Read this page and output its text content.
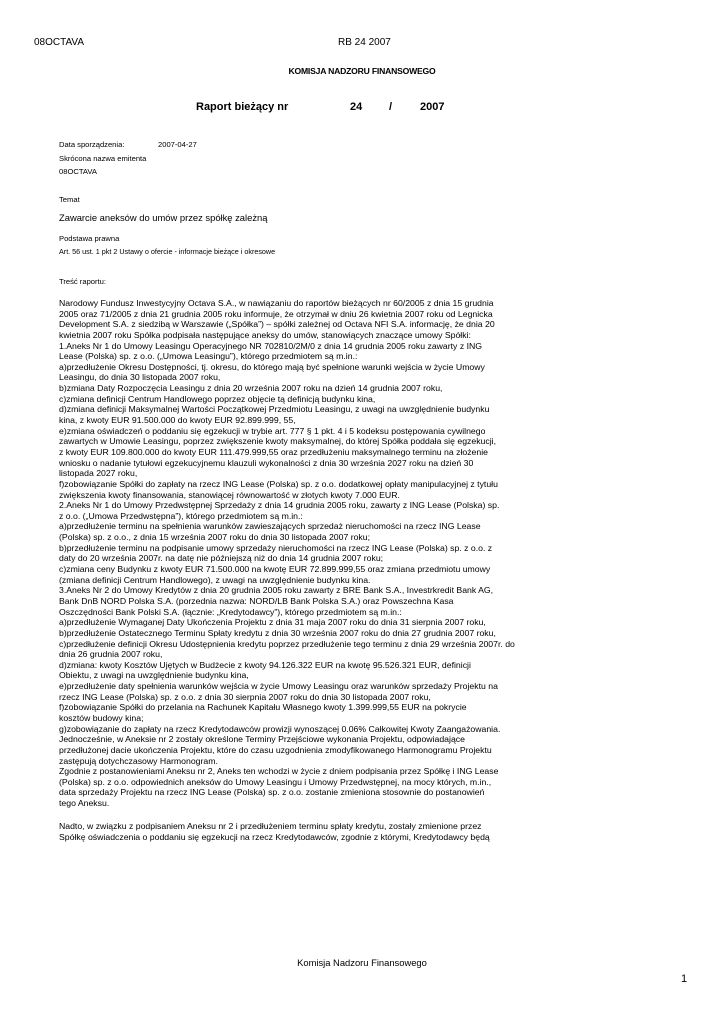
08OCTAVA	RB 24 2007
KOMISJA NADZORU FINANSOWEGO
Raport bieżący nr	24 /	2007
Data sporządzenia:	2007-04-27
Skrócona nazwa emitenta
08OCTAVA
Temat
Zawarcie aneksów do umów przez spółkę zależną
Podstawa prawna
Art. 56 ust. 1 pkt 2 Ustawy o ofercie - informacje bieżące i okresowe
Treść raportu:
Narodowy Fundusz Inwestycyjny Octava S.A., w nawiązaniu do raportów bieżących nr 60/2005 z dnia 15 grudnia
2005 oraz 71/2005 z dnia 21 grudnia 2005 roku informuje, że otrzymał w dniu 26 kwietnia 2007 roku od Legnicka
Development S.A. z siedzibą w Warszawie („Spółka”) – spółki zależnej od Octava NFI S.A. informację, że dnia 20
kwietnia 2007 roku Spółka podpisała następujące aneksy do umów, stanowiących znaczące umowy Spółki:
1.Aneks Nr 1 do Umowy Leasingu Operacyjnego NR 702810/2M/0 z dnia 14 grudnia 2005 roku zawarty z ING
Lease (Polska) sp. z o.o. („Umowa Leasingu”), którego przedmiotem są m.in.:
a)przedłużenie Okresu Dostępności, tj. okresu, do którego mają być spełnione warunki wejścia w życie Umowy
Leasingu, do dnia 30 listopada 2007 roku,
b)zmiana Daty Rozpoczęcia Leasingu z dnia 20 września 2007 roku na dzień 14 grudnia 2007 roku,
c)zmiana definicji Centrum Handlowego poprzez objęcie tą definicją budynku kina,
d)zmiana definicji Maksymalnej Wartości Początkowej Przedmiotu Leasingu, z uwagi na uwzględnienie budynku
kina, z kwoty EUR 91.500.000 do kwoty EUR 92.899.999, 55,
e)zmiana oświadczeń o poddaniu się egzekucji w trybie art. 777 § 1 pkt. 4 i 5 kodeksu postępowania cywilnego
zawartych w Umowie Leasingu, poprzez zwiększenie kwoty maksymalnej, do której Spółka poddała się egzekucji,
z kwoty EUR 109.800.000 do kwoty EUR 111.479.999,55 oraz przedłużeniu maksymalnego terminu na złożenie
wniosku o nadanie tytułowi egzekucyjnemu klauzuli wykonalności z dnia 30 września 2027 roku na dzień 30
listopada 2027 roku,
f)zobowiązanie Spółki do zapłaty na rzecz ING Lease (Polska) sp. z o.o. dodatkowej opłaty manipulacyjnej z tytułu
zwiększenia kwoty finansowania, stanowiącej równowartość w złotych kwoty 7.000 EUR.
2.Aneks Nr 1 do Umowy Przedwstępnej Sprzedaży z dnia 14 grudnia 2005 roku, zawarty z ING Lease (Polska) sp.
z o.o. („Umowa Przedwstępna”), którego przedmiotem są m.in.:
a)przedłużenie terminu na spełnienia warunków zawieszających sprzedaż nieruchomości na rzecz ING Lease
(Polska) sp. z o.o., z dnia 15 września 2007 roku do dnia 30 listopada 2007 roku;
b)przedłużenie terminu na podpisanie umowy sprzedaży nieruchomości na rzecz ING Lease (Polska) sp. z o.o. z
daty do 20 września 2007r. na datę nie późniejszą niż do dnia 14 grudnia 2007 roku;
c)zmiana ceny Budynku z kwoty EUR 71.500.000 na kwotę EUR 72.899.999,55 oraz zmiana przedmiotu umowy
(zmiana definicji Centrum Handlowego), z uwagi na uwzględnienie budynku kina.
3.Aneks Nr 2 do Umowy Kredytów z dnia 20 grudnia 2005 roku zawarty z BRE Bank S.A., Investrkredit Bank AG,
Bank DnB NORD Polska S.A. (porzednia nazwa: NORD/LB Bank Polska S.A.) oraz Powszechna Kasa
Oszczędności Bank Polski S.A. (łącznie: „Kredytodawcy”), którego przedmiotem są m.in.:
a)przedłużenie Wymaganej Daty Ukończenia Projektu z dnia 31 maja 2007 roku do dnia 31 sierpnia 2007 roku,
b)przedłużenie Ostatecznego Terminu Spłaty kredytu z dnia 30 września 2007 roku do dnia 27 grudnia 2007 roku,
c)przedłużenie definicji Okresu Udostępnienia kredytu poprzez przedłużenie tego terminu z dnia 29 września 2007r. do
dnia 26 grudnia 2007 roku,
d)zmiana: kwoty Kosztów Ujętych w Budżecie z kwoty 94.126.322 EUR na kwotę 95.526.321 EUR, definicji
Obiektu, z uwagi na uwzględnienie budynku kina,
e)przedłużenie daty spełnienia warunków wejścia w życie Umowy Leasingu oraz warunków sprzedaży Projektu na
rzecz ING Lease (Polska) sp. z o.o. z dnia 30 sierpnia 2007 roku do dnia 30 listopada 2007 roku,
f)zobowiązanie Spółki do przelania na Rachunek Kapitału Własnego kwoty 1.399.999,55 EUR na pokrycie
kosztów budowy kina;
g)zobowiązanie do zapłaty na rzecz Kredytodawców prowizji wynoszącej 0.06% Całkowitej Kwoty Zaangażowania.
Jednocześnie, w Aneksie nr 2 zostały określone Terminy Przejściowe wykonania Projektu, odpowiadające
przedłużonej dacie ukończenia Projektu, które do czasu uzgodnienia zmodyfikowanego Harmonogramu Projektu
zastępują dotychczasowy Harmonogram.
Zgodnie z postanowieniami Aneksu nr 2, Aneks ten wchodzi w życie z dniem podpisania przez Spółkę i ING Lease
(Polska) sp. z o.o. odpowiednich aneksów do Umowy Leasingu i Umowy Przedwstępnej, na mocy których, m.in.,
data sprzedaży Projektu na rzecz ING Lease (Polska) sp. z o.o. zostanie zmieniona stosownie do postanowień
tego Aneksu.
Nadto, w związku z podpisaniem Aneksu nr 2 i przedłużeniem terminu spłaty kredytu, zostały zmienione przez
Spółkę oświadczenia o poddaniu się egzekucji na rzecz Kredytodawców, zgodnie z którymi, Kredytodawcy będą
Komisja Nadzoru Finansowego
1
